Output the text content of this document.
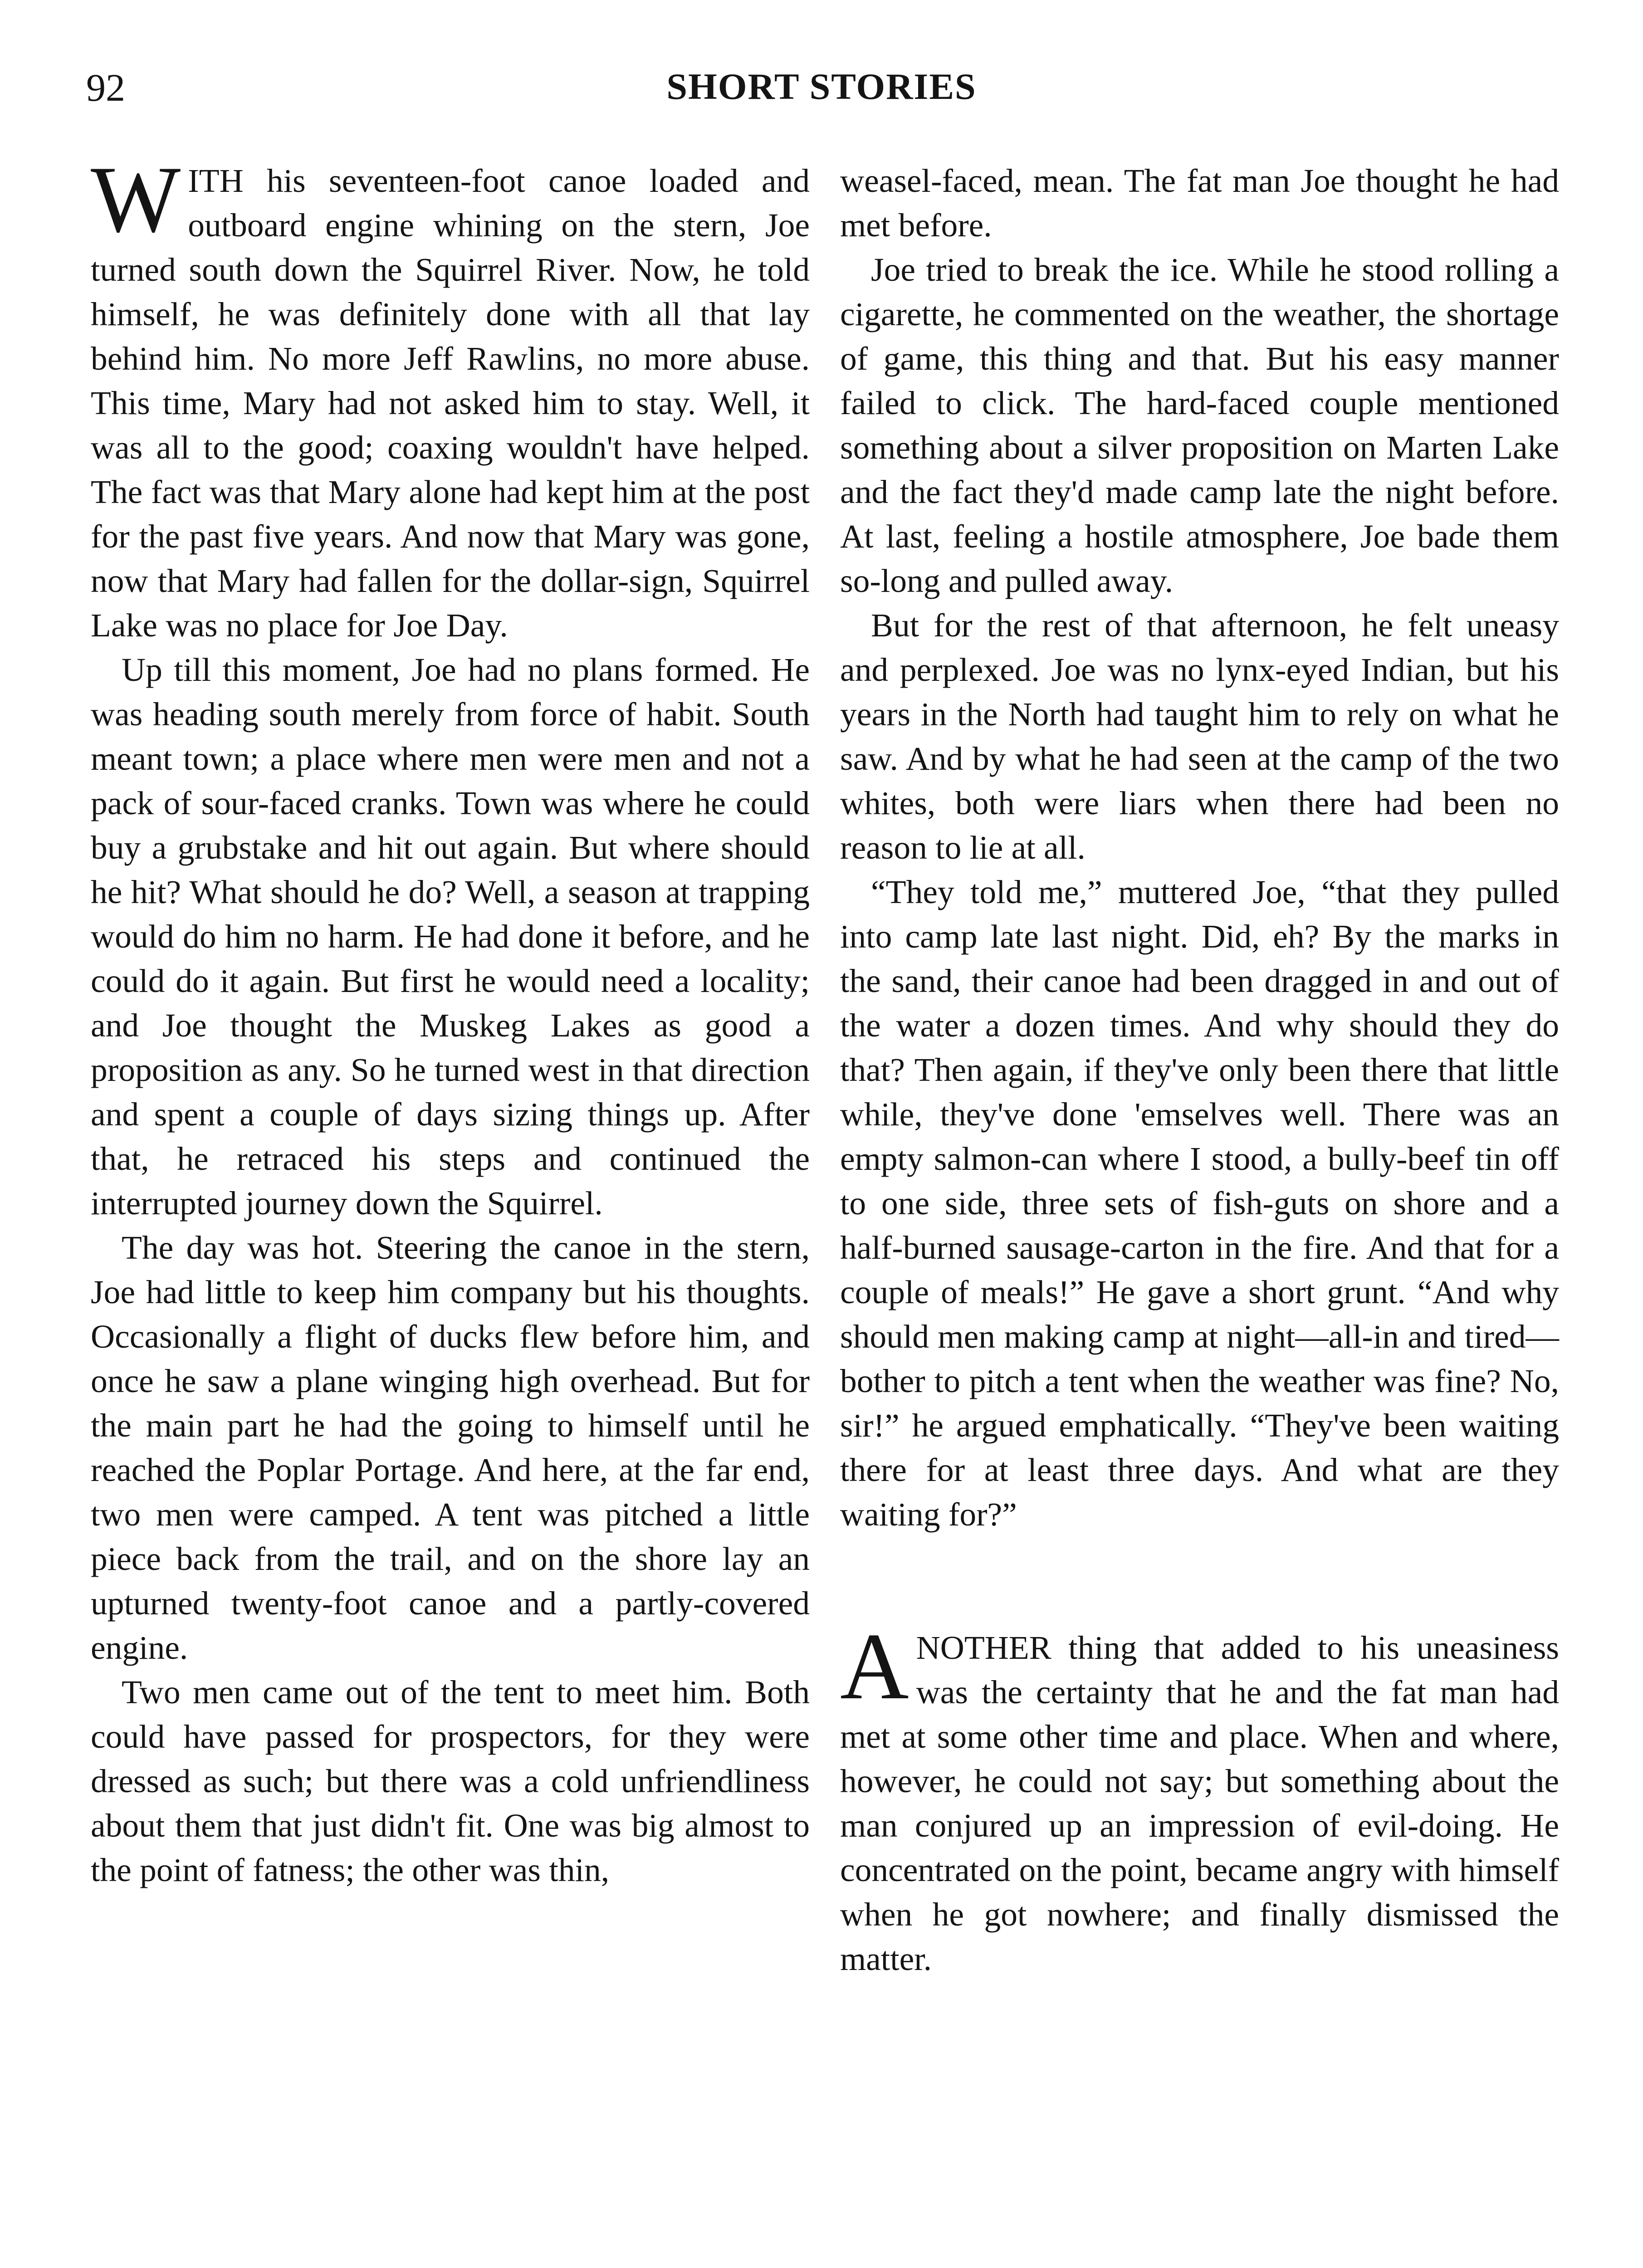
92	SHORT STORIES

WITH his seventeen-foot canoe loaded and outboard engine whining on the stern, Joe turned south down the Squirrel River. Now, he told himself, he was definitely done with all that lay behind him. No more Jeff Rawlins, no more abuse. This time, Mary had not asked him to stay. Well, it was all to the good; coaxing wouldn't have helped. The fact was that Mary alone had kept him at the post for the past five years. And now that Mary was gone, now that Mary had fallen for the dollar-sign, Squirrel Lake was no place for Joe Day.

Up till this moment, Joe had no plans formed. He was heading south merely from force of habit. South meant town; a place where men were men and not a pack of sour-faced cranks. Town was where he could buy a grubstake and hit out again. But where should he hit? What should he do? Well, a season at trapping would do him no harm. He had done it before, and he could do it again. But first he would need a locality; and Joe thought the Muskeg Lakes as good a proposition as any. So he turned west in that direction and spent a couple of days sizing things up. After that, he retraced his steps and continued the interrupted journey down the Squirrel.

The day was hot. Steering the canoe in the stern, Joe had little to keep him company but his thoughts. Occasionally a flight of ducks flew before him, and once he saw a plane winging high overhead. But for the main part he had the going to himself until he reached the Poplar Portage. And here, at the far end, two men were camped. A tent was pitched a little piece back from the trail, and on the shore lay an upturned twenty-foot canoe and a partly-covered engine.

Two men came out of the tent to meet him. Both could have passed for prospectors, for they were dressed as such; but there was a cold unfriendliness about them that just didn't fit. One was big almost to the point of fatness; the other was thin,

weasel-faced, mean. The fat man Joe thought he had met before.

Joe tried to break the ice. While he stood rolling a cigarette, he commented on the weather, the shortage of game, this thing and that. But his easy manner failed to click. The hard-faced couple mentioned something about a silver proposition on Marten Lake and the fact they'd made camp late the night before. At last, feeling a hostile atmosphere, Joe bade them so-long and pulled away.

But for the rest of that afternoon, he felt uneasy and perplexed. Joe was no lynx-eyed Indian, but his years in the North had taught him to rely on what he saw. And by what he had seen at the camp of the two whites, both were liars when there had been no reason to lie at all.

“They told me,” muttered Joe, “that they pulled into camp late last night. Did, eh? By the marks in the sand, their canoe had been dragged in and out of the water a dozen times. And why should they do that? Then again, if they've only been there that little while, they've done 'emselves well. There was an empty salmon-can where I stood, a bully-beef tin off to one side, three sets of fish-guts on shore and a half-burned sausage-carton in the fire. And that for a couple of meals!” He gave a short grunt. “And why should men making camp at night—all-in and tired—bother to pitch a tent when the weather was fine? No, sir!” he argued emphatically. “They've been waiting there for at least three days. And what are they waiting for?”

ANOTHER thing that added to his uneasiness was the certainty that he and the fat man had met at some other time and place. When and where, however, he could not say; but something about the man conjured up an impression of evil-doing. He concentrated on the point, became angry with himself when he got nowhere; and finally dismissed the matter.
